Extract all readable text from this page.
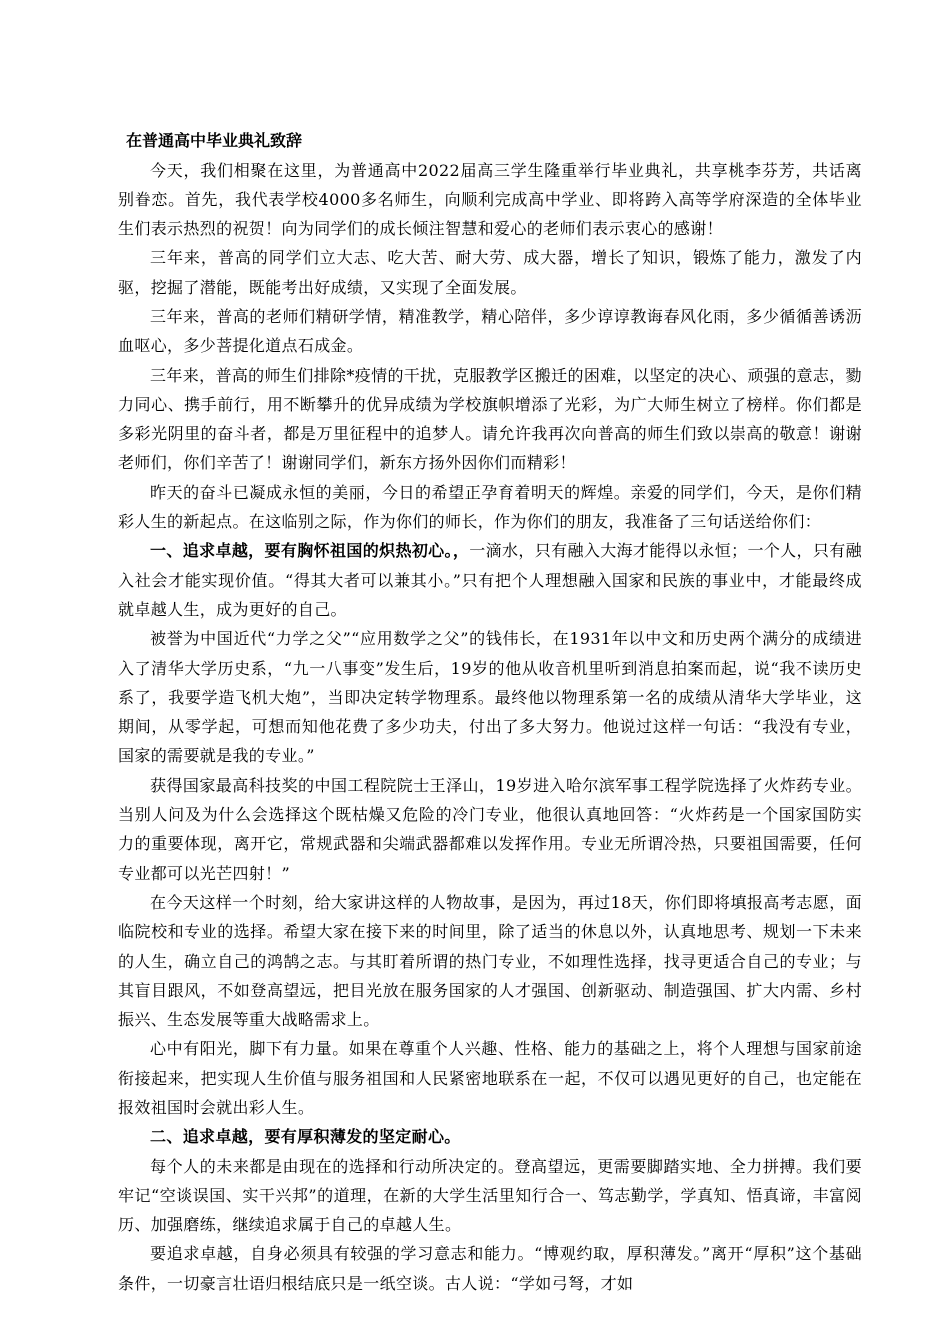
在普通高中毕业典礼致辞

今天，我们相聚在这里，为普通高中2022届高三学生隆重举行毕业典礼，共享桃李芬芳，共话离别眷恋。首先，我代表学校4000多名师生，向顺利完成高中学业、即将跨入高等学府深造的全体毕业生们表示热烈的祝贺！向为同学们的成长倾注智慧和爱心的老师们表示衷心的感谢！

三年来，普高的同学们立大志、吃大苦、耐大劳、成大器，增长了知识，锻炼了能力，激发了内驱，挖掘了潜能，既能考出好成绩，又实现了全面发展。

三年来，普高的老师们精研学情，精准教学，精心陪伴，多少谆谆教诲春风化雨，多少循循善诱沥血呕心，多少菩提化道点石成金。

三年来，普高的师生们排除*疫情的干扰，克服教学区搬迁的困难，以坚定的决心、顽强的意志，勠力同心、携手前行，用不断攀升的优异成绩为学校旗帜增添了光彩，为广大师生树立了榜样。你们都是多彩光阴里的奋斗者，都是万里征程中的追梦人。请允许我再次向普高的师生们致以崇高的敬意！谢谢老师们，你们辛苦了！谢谢同学们，新东方扬外因你们而精彩！

昨天的奋斗已凝成永恒的美丽，今日的希望正孕育着明天的辉煌。亲爱的同学们，今天，是你们精彩人生的新起点。在这临别之际，作为你们的师长，作为你们的朋友，我准备了三句话送给你们：

一、追求卓越，要有胸怀祖国的炽热初心。，一滴水，只有融入大海才能得以永恒；一个人，只有融入社会才能实现价值。“得其大者可以兼其小。”只有把个人理想融入国家和民族的事业中，才能最终成就卓越人生，成为更好的自己。

被誉为中国近代“力学之父”“应用数学之父”的钱伟长，在1931年以中文和历史两个满分的成绩进入了清华大学历史系，“九一八事变”发生后，19岁的他从收音机里听到消息拍案而起，说“我不读历史系了，我要学造飞机大炮”，当即决定转学物理系。最终他以物理系第一名的成绩从清华大学毕业，这期间，从零学起，可想而知他花费了多少功夫，付出了多大努力。他说过这样一句话：“我没有专业，国家的需要就是我的专业。”

获得国家最高科技奖的中国工程院院士王泽山，19岁进入哈尔滨军事工程学院选择了火炸药专业。当别人问及为什么会选择这个既枯燥又危险的冷门专业，他很认真地回答：“火炸药是一个国家国防实力的重要体现，离开它，常规武器和尖端武器都难以发挥作用。专业无所谓冷热，只要祖国需要，任何专业都可以光芒四射！”

在今天这样一个时刻，给大家讲这样的人物故事，是因为，再过18天，你们即将填报高考志愿，面临院校和专业的选择。希望大家在接下来的时间里，除了适当的休息以外，认真地思考、规划一下未来的人生，确立自己的鸿鹄之志。与其盯着所谓的热门专业，不如理性选择，找寻更适合自己的专业；与其盲目跟风，不如登高望远，把目光放在服务国家的人才强国、创新驱动、制造强国、扩大内需、乡村振兴、生态发展等重大战略需求上。

心中有阳光，脚下有力量。如果在尊重个人兴趣、性格、能力的基础之上，将个人理想与国家前途衔接起来，把实现人生价值与服务祖国和人民紧密地联系在一起，不仅可以遇见更好的自己，也定能在报效祖国时会就出彩人生。

二、追求卓越，要有厚积薄发的坚定耐心。

每个人的未来都是由现在的选择和行动所决定的。登高望远，更需要脚踏实地、全力拼搏。我们要牢记“空谈误国、实干兴邦”的道理，在新的大学生活里知行合一、笃志勤学，学真知、悟真谛，丰富阅历、加强磨练，继续追求属于自己的卓越人生。

要追求卓越，自身必须具有较强的学习意志和能力。“博观约取，厚积薄发。”离开“厚积”这个基础条件，一切豪言壮语归根结底只是一纸空谈。古人说：“学如弓弩，才如
